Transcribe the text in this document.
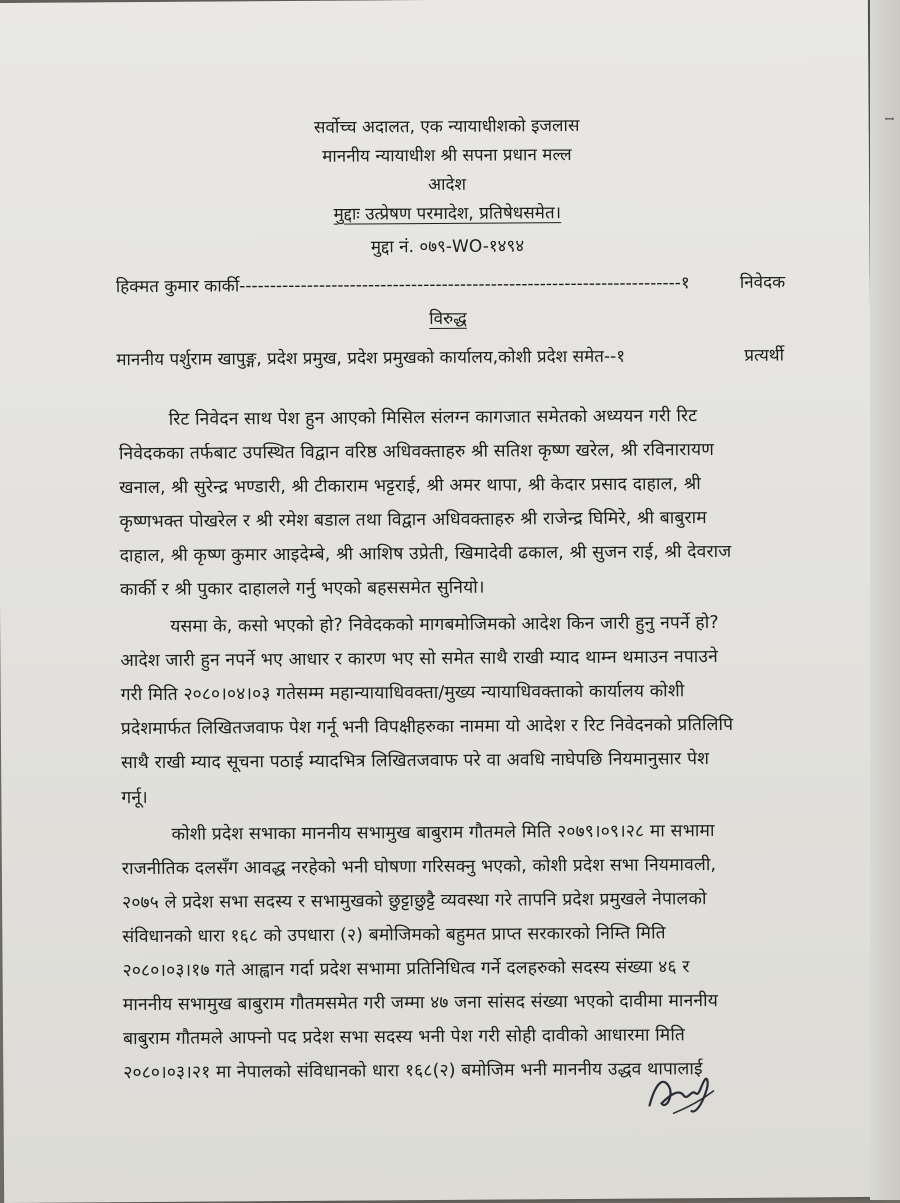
सर्वोच्च अदालत, एक न्यायाधीशको इजलास
माननीय न्यायाधीश श्री सपना प्रधान मल्ल
आदेश
मुद्दाः उत्प्रेषण परमादेश, प्रतिषेधसमेत।
मुद्दा नं. ०७९-WO-१४९४
हिक्मत कुमार कार्की------------------------------------------------------------------------१	निवेदक
विरुद्ध
माननीय पर्शुराम खापुङ्ग, प्रदेश प्रमुख, प्रदेश प्रमुखको कार्यालय,कोशी प्रदेश समेत--१	प्रत्यर्थी
रिट निवेदन साथ पेश हुन आएको मिसिल संलग्न कागजात समेतको अध्ययन गरी रिट
निवेदकका तर्फबाट उपस्थित विद्वान वरिष्ठ अधिवक्ताहरु श्री सतिश कृष्ण खरेल, श्री रविनारायण
खनाल, श्री सुरेन्द्र भण्डारी, श्री टीकाराम भट्टराई, श्री अमर थापा, श्री केदार प्रसाद दाहाल, श्री
कृष्णभक्त पोखरेल र श्री रमेश बडाल तथा विद्वान अधिवक्ताहरु श्री राजेन्द्र घिमिरे, श्री बाबुराम
दाहाल, श्री कृष्ण कुमार आइदेम्बे, श्री आशिष उप्रेती, खिमादेवी ढकाल, श्री सुजन राई, श्री देवराज
कार्की र श्री पुकार दाहालले गर्नु भएको बहससमेत सुनियो।
यसमा के, कसो भएको हो? निवेदकको मागबमोजिमको आदेश किन जारी हुनु नपर्ने हो?
आदेश जारी हुन नपर्ने भए आधार र कारण भए सो समेत साथै राखी म्याद थाम्न थमाउन नपाउने
गरी मिति २०८०।०४।०३ गतेसम्म महान्यायाधिवक्ता/मुख्य न्यायाधिवक्ताको कार्यालय कोशी
प्रदेशमार्फत लिखितजवाफ पेश गर्नू भनी विपक्षीहरुका नाममा यो आदेश र रिट निवेदनको प्रतिलिपि
साथै राखी म्याद सूचना पठाई म्यादभित्र लिखितजवाफ परे वा अवधि नाघेपछि नियमानुसार पेश
गर्नू।
कोशी प्रदेश सभाका माननीय सभामुख बाबुराम गौतमले मिति २०७९।०९।२८ मा सभामा
राजनीतिक दलसँग आवद्ध नरहेको भनी घोषणा गरिसक्नु भएको, कोशी प्रदेश सभा नियमावली,
२०७५ ले प्रदेश सभा सदस्य र सभामुखको छुट्टाछुट्टै व्यवस्था गरे तापनि प्रदेश प्रमुखले नेपालको
संविधानको धारा १६८ को उपधारा (२) बमोजिमको बहुमत प्राप्त सरकारको निम्ति मिति
२०८०।०३।१७ गते आह्वान गर्दा प्रदेश सभामा प्रतिनिधित्व गर्ने दलहरुको सदस्य संख्या ४६ र
माननीय सभामुख बाबुराम गौतमसमेत गरी जम्मा ४७ जना सांसद संख्या भएको दावीमा माननीय
बाबुराम गौतमले आफ्नो पद प्रदेश सभा सदस्य भनी पेश गरी सोही दावीको आधारमा मिति
२०८०।०३।२१ मा नेपालको संविधानको धारा १६८(२) बमोजिम भनी माननीय उद्धव थापालाई
ꟷ
